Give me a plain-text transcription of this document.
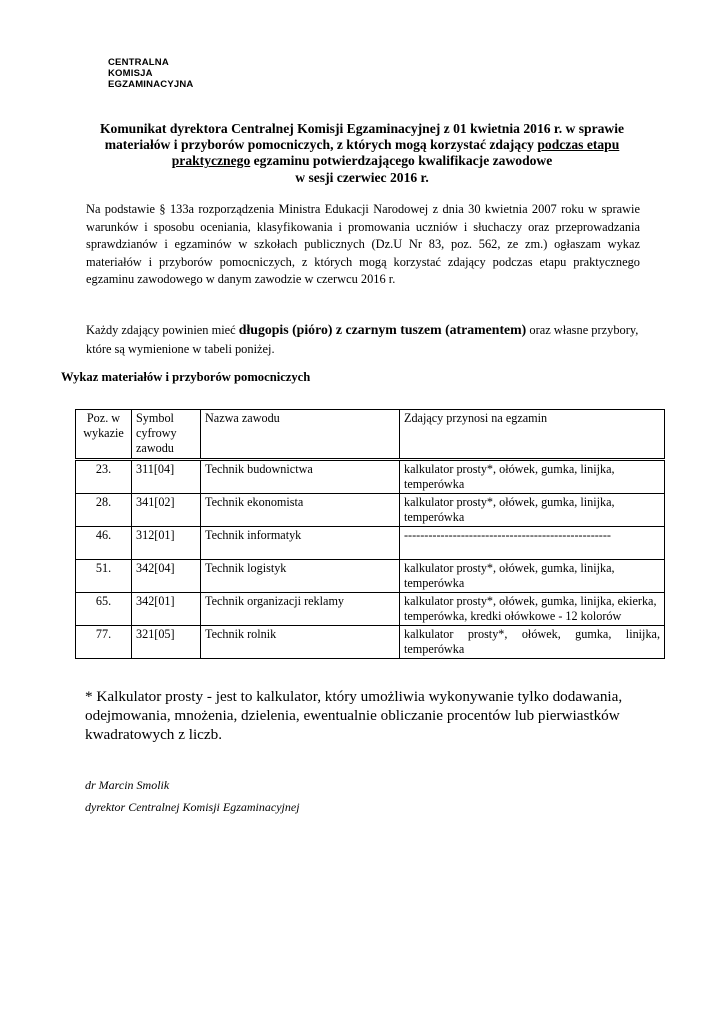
CENTRALNA
KOMISJA
EGZAMINACYJNA
Komunikat dyrektora Centralnej Komisji Egzaminacyjnej z 01 kwietnia 2016 r. w sprawie materiałów i przyborów pomocniczych, z których mogą korzystać zdający podczas etapu
praktycznego egzaminu potwierdzającego kwalifikacje zawodowe
w sesji czerwiec 2016 r.

Na podstawie § 133a rozporządzenia Ministra Edukacji Narodowej z dnia 30 kwietnia 2007 roku w sprawie warunków i sposobu oceniania, klasyfikowania i promowania uczniów i słuchaczy oraz przeprowadzania sprawdzianów i egzaminów w szkołach publicznych (Dz.U Nr 83, poz. 562, ze zm.) ogłaszam wykaz materiałów i przyborów pomocniczych, z których mogą korzystać zdający podczas etapu praktycznego egzaminu zawodowego w danym zawodzie w czerwcu 2016 r.

Każdy zdający powinien mieć długopis (pióro) z czarnym tuszem (atramentem) oraz własne przybory, które są wymienione w tabeli poniżej.

Wykaz materiałów i przyborów pomocniczych
Poz. w wykazie	Symbol cyfrowy zawodu	Nazwa zawodu	Zdający przynosi na egzamin
23.	311[04]	Technik budownictwa	kalkulator prosty*, ołówek, gumka, linijka, temperówka
28.	341[02]	Technik ekonomista	kalkulator prosty*, ołówek, gumka, linijka, temperówka
46.	312[01]	Technik informatyk	---------------------------------------------------
51.	342[04]	Technik logistyk	kalkulator prosty*, ołówek, gumka, linijka, temperówka
65.	342[01]	Technik organizacji reklamy	kalkulator prosty*, ołówek, gumka, linijka, ekierka, temperówka, kredki ołówkowe - 12 kolorów
77.	321[05]	Technik rolnik	kalkulator prosty*, ołówek, gumka, linijka, temperówka

* Kalkulator prosty - jest to kalkulator, który umożliwia wykonywanie tylko dodawania, odejmowania, mnożenia, dzielenia, ewentualnie obliczanie procentów lub pierwiastków kwadratowych z liczb.

dr Marcin Smolik
dyrektor Centralnej Komisji Egzaminacyjnej
